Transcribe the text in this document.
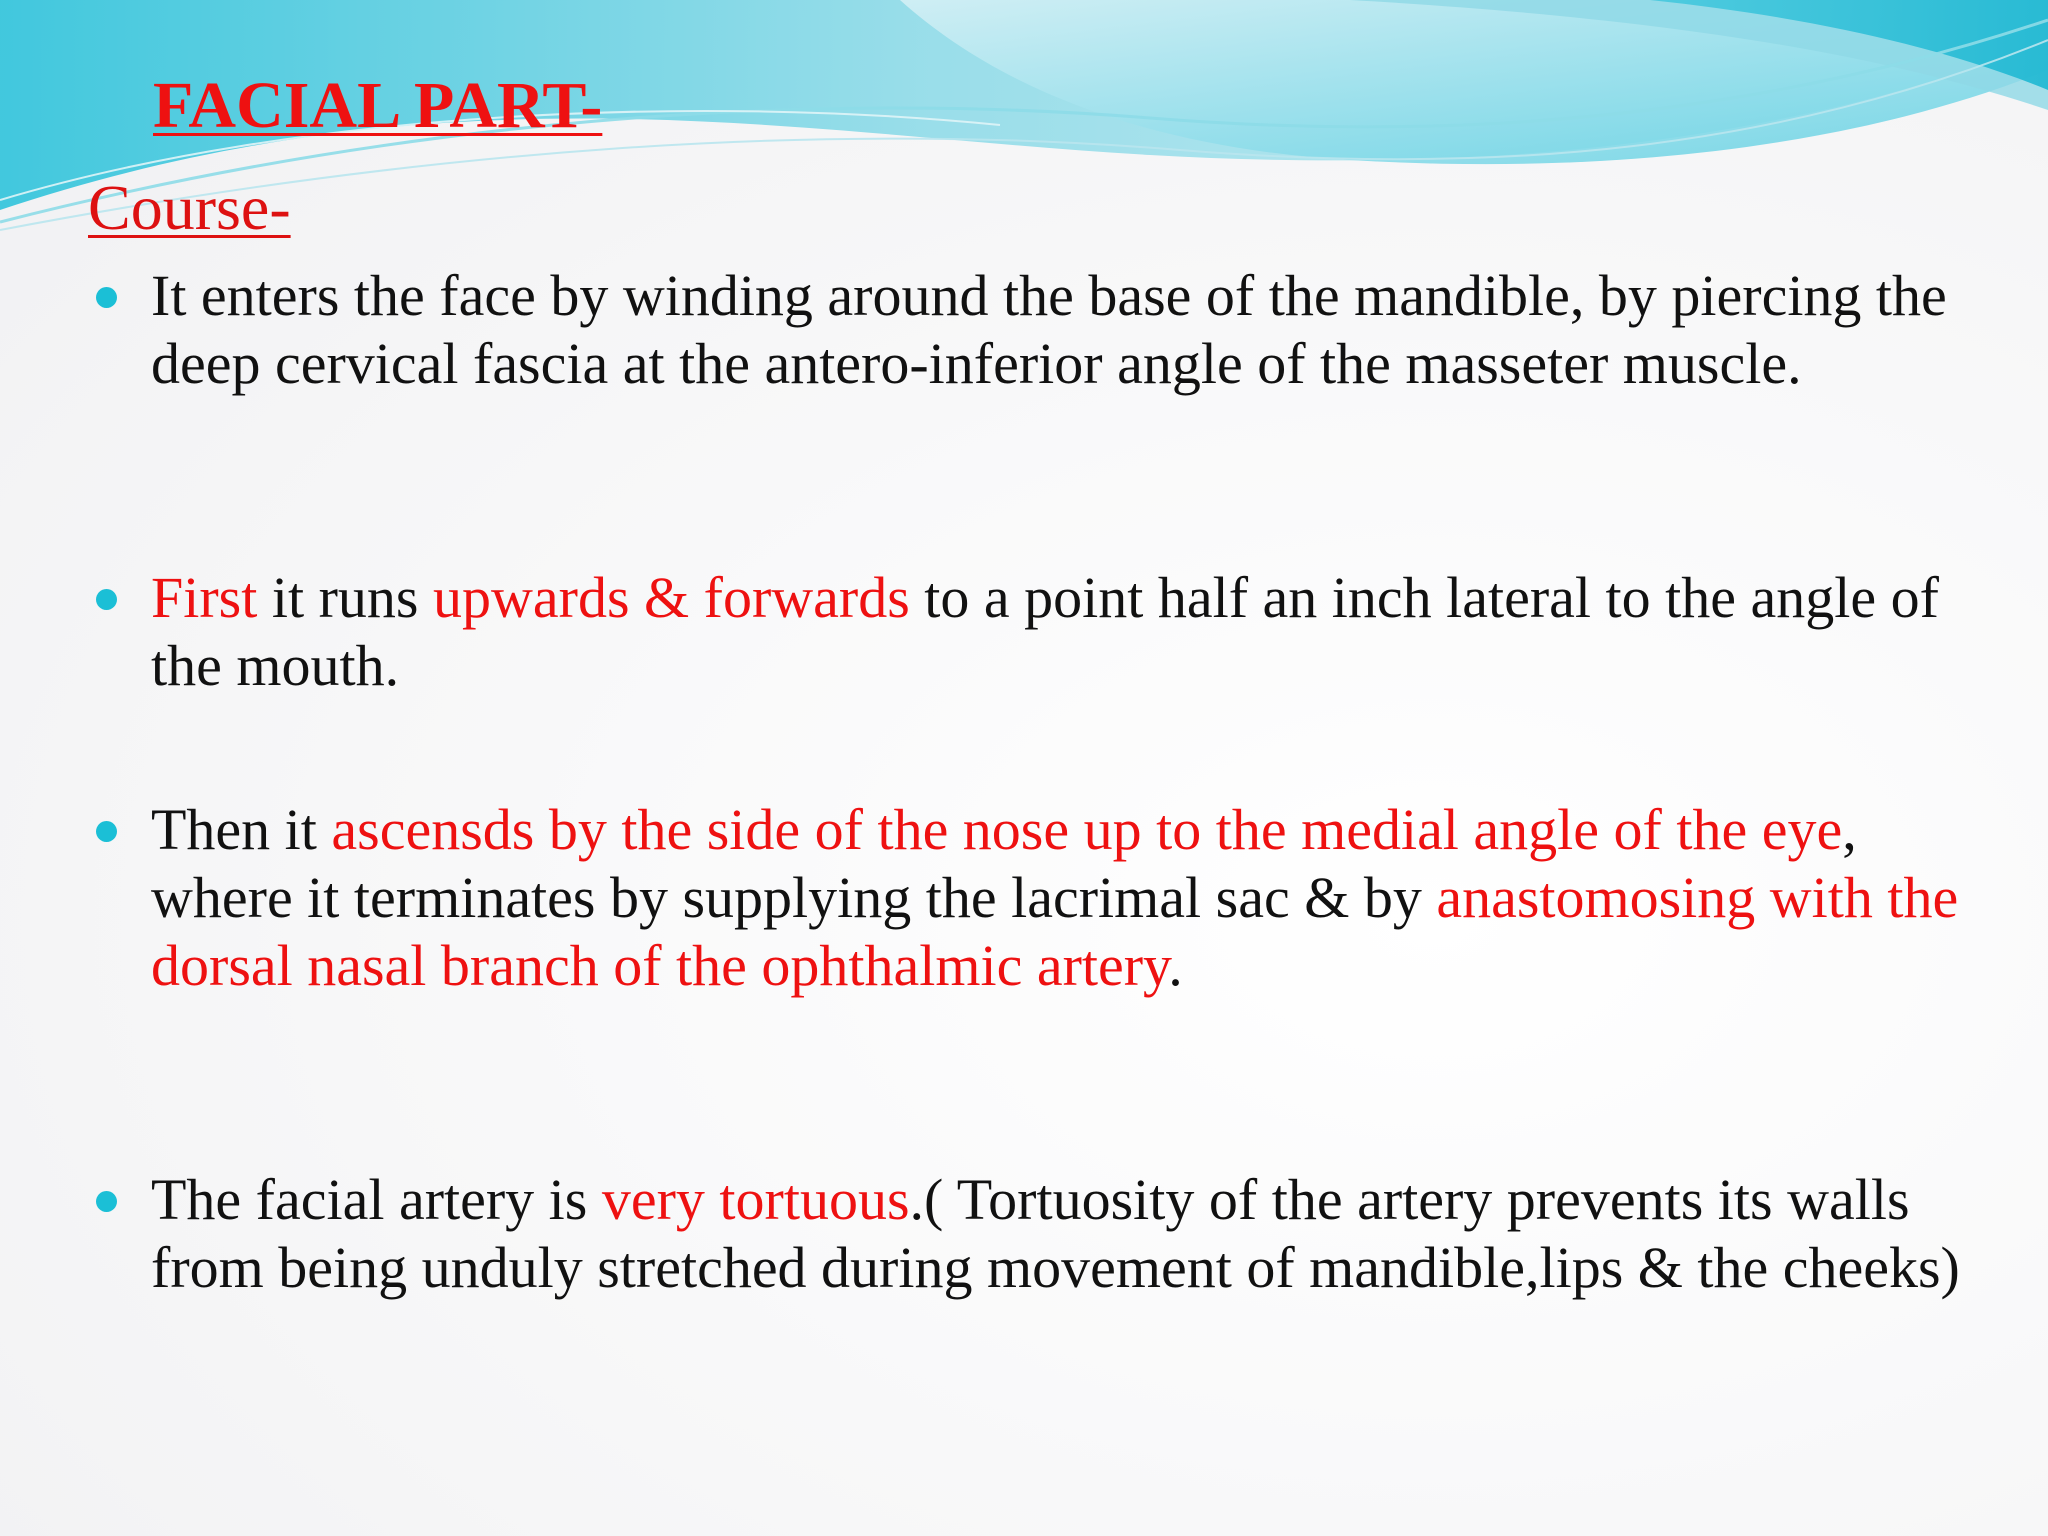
FACIAL PART-
Course-

It enters the face by winding around the base of the mandible, by piercing the deep cervical fascia at the antero-inferior angle of the masseter muscle.

First it runs upwards & forwards to a point half an inch lateral to the angle of the mouth.

Then it ascensds by the side of the nose up to the medial angle of the eye, where it terminates by supplying the lacrimal sac & by anastomosing with the dorsal nasal branch of the ophthalmic artery.

The facial artery is very tortuous.( Tortuosity of the artery prevents its walls from being unduly stretched during movement of mandible,lips & the cheeks)
